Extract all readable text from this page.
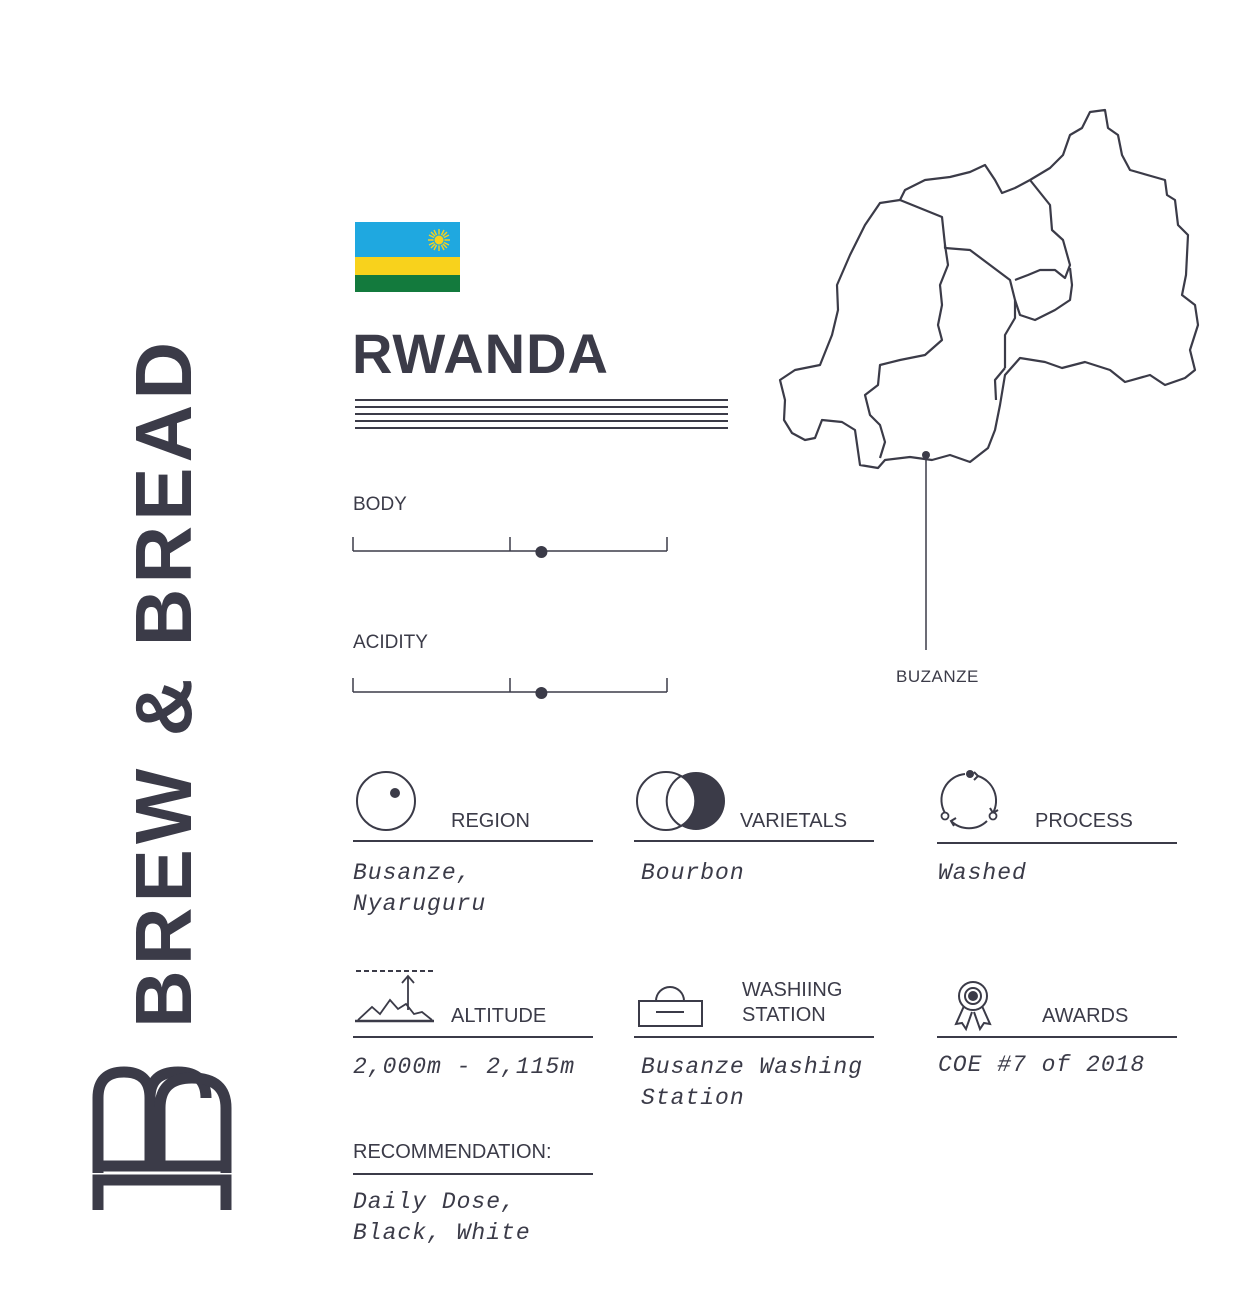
BREW & BREAD	RWANDA
BODY
ACIDITY
BUZANZE
REGION
Busanze,
Nyaruguru
VARIETALS
Bourbon
PROCESS
Washed
ALTITUDE
2,000m - 2,115m
WASHIING
STATION
Busanze Washing
Station
AWARDS
COE #7 of 2018
RECOMMENDATION:
Daily Dose,
Black, White
